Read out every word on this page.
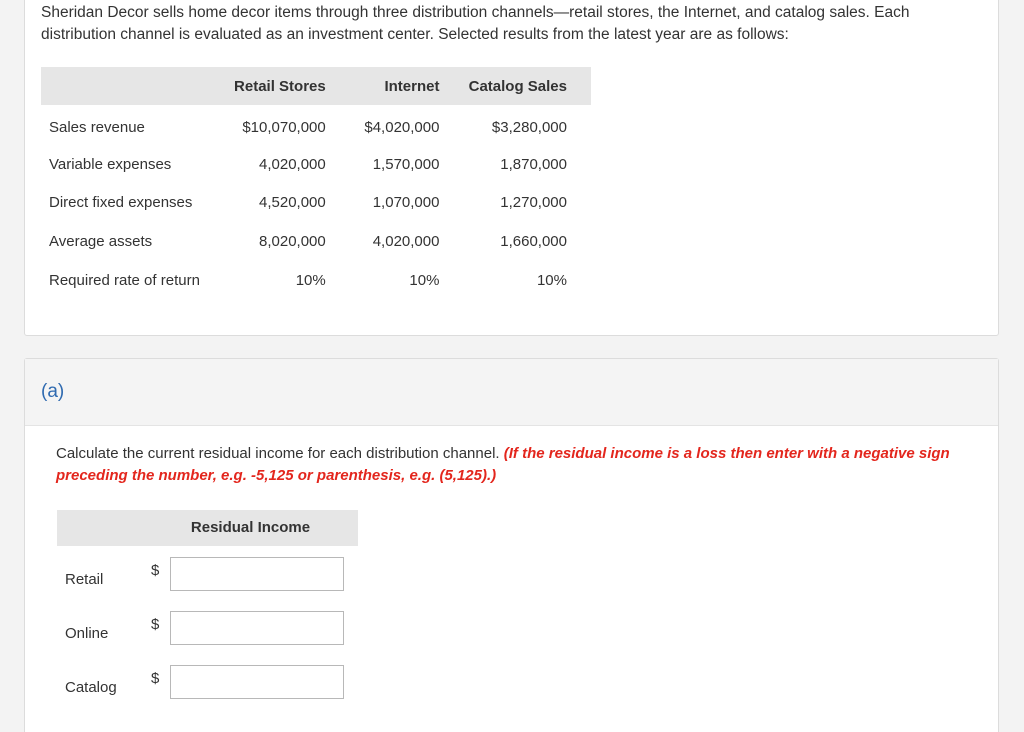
Sheridan Decor sells home decor items through three distribution channels—retail stores, the Internet, and catalog sales. Each distribution channel is evaluated as an investment center. Selected results from the latest year are as follows:

	Retail Stores	Internet	Catalog Sales
Sales revenue	$10,070,000	$4,020,000	$3,280,000
Variable expenses	4,020,000	1,570,000	1,870,000
Direct fixed expenses	4,520,000	1,070,000	1,270,000
Average assets	8,020,000	4,020,000	1,660,000
Required rate of return	10%	10%	10%
(a)

Calculate the current residual income for each distribution channel. (If the residual income is a loss then enter with a negative sign preceding the number, e.g. -5,125 or parenthesis, e.g. (5,125).)

Residual Income
Retail
$
Online
$
Catalog
$
